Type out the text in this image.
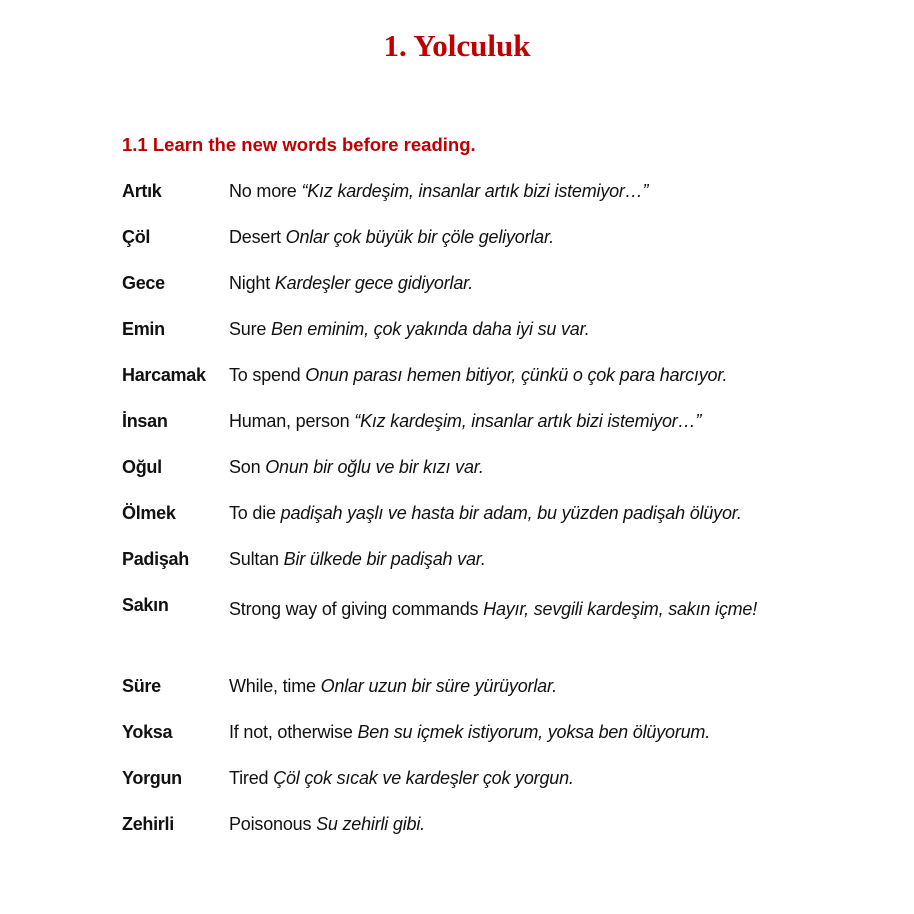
1. Yolculuk
1.1 Learn the new words before reading.
Artık	No more “Kız kardeşim, insanlar artık bizi istemiyor…”
Çöl	Desert Onlar çok büyük bir çöle geliyorlar.
Gece	Night Kardeşler gece gidiyorlar.
Emin	Sure Ben eminim, çok yakında daha iyi su var.
Harcamak	To spend Onun parası hemen bitiyor, çünkü o çok para harcıyor.
İnsan	Human, person “Kız kardeşim, insanlar artık bizi istemiyor…”
Oğul	Son Onun bir oğlu ve bir kızı var.
Ölmek	To die padişah yaşlı ve hasta bir adam, bu yüzden padişah ölüyor.
Padişah	Sultan Bir ülkede bir padişah var.
Sakın	Strong way of giving commands Hayır, sevgili kardeşim, sakın içme!
Süre	While, time Onlar uzun bir süre yürüyorlar.
Yoksa	If not, otherwise Ben su içmek istiyorum, yoksa ben ölüyorum.
Yorgun	Tired Çöl çok sıcak ve kardeşler çok yorgun.
Zehirli	Poisonous Su zehirli gibi.
